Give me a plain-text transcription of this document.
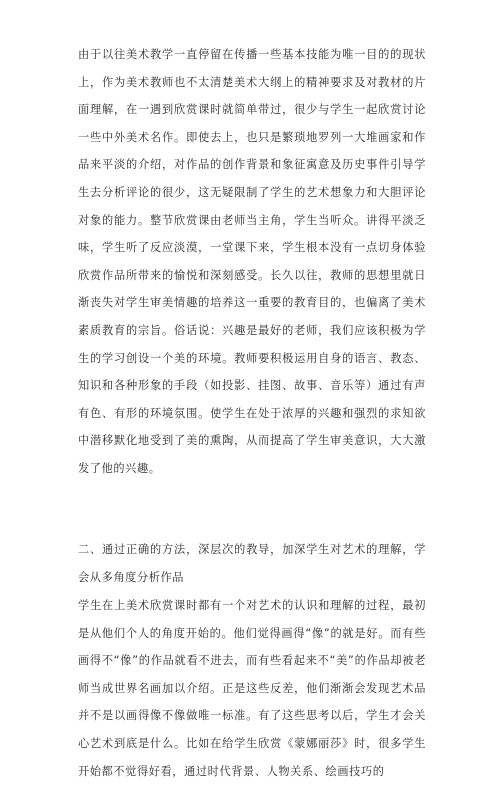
由于以往美术教学一直停留在传播一些基本技能为唯一目的的现状上，作为美术教师也不太清楚美术大纲上的精神要求及对教材的片面理解，在一遇到欣赏课时就简单带过，很少与学生一起欣赏讨论一些中外美术名作。即使去上，也只是繁琐地罗列一大堆画家和作品来平淡的介绍，对作品的创作背景和象征寓意及历史事件引导学生去分析评论的很少，这无疑限制了学生的艺术想象力和大胆评论对象的能力。整节欣赏课由老师当主角，学生当听众。讲得平淡乏味，学生听了反应淡漠，一堂课下来，学生根本没有一点切身体验欣赏作品所带来的愉悦和深刻感受。长久以往，教师的思想里就日渐丧失对学生审美情趣的培养这一重要的教育目的，也偏离了美术素质教育的宗旨。俗话说：兴趣是最好的老师，我们应该积极为学生的学习创设一个美的环境。教师要积极运用自身的语言、教态、知识和各种形象的手段（如投影、挂图、故事、音乐等）通过有声有色、有形的环境氛围。使学生在处于浓厚的兴趣和强烈的求知欲中潜移默化地受到了美的熏陶，从而提高了学生审美意识，大大激发了他的兴趣。

二、通过正确的方法，深层次的教导，加深学生对艺术的理解，学会从多角度分析作品

学生在上美术欣赏课时都有一个对艺术的认识和理解的过程，最初是从他们个人的角度开始的。他们觉得画得“像”的就是好。而有些画得不“像”的作品就看不进去，而有些看起来不“美”的作品却被老师当成世界名画加以介绍。正是这些反差，他们渐渐会发现艺术品并不是以画得像不像做唯一标准。有了这些思考以后，学生才会关心艺术到底是什么。比如在给学生欣赏《蒙娜丽莎》时，很多学生开始都不觉得好看，通过时代背景、人物关系、绘画技巧的
